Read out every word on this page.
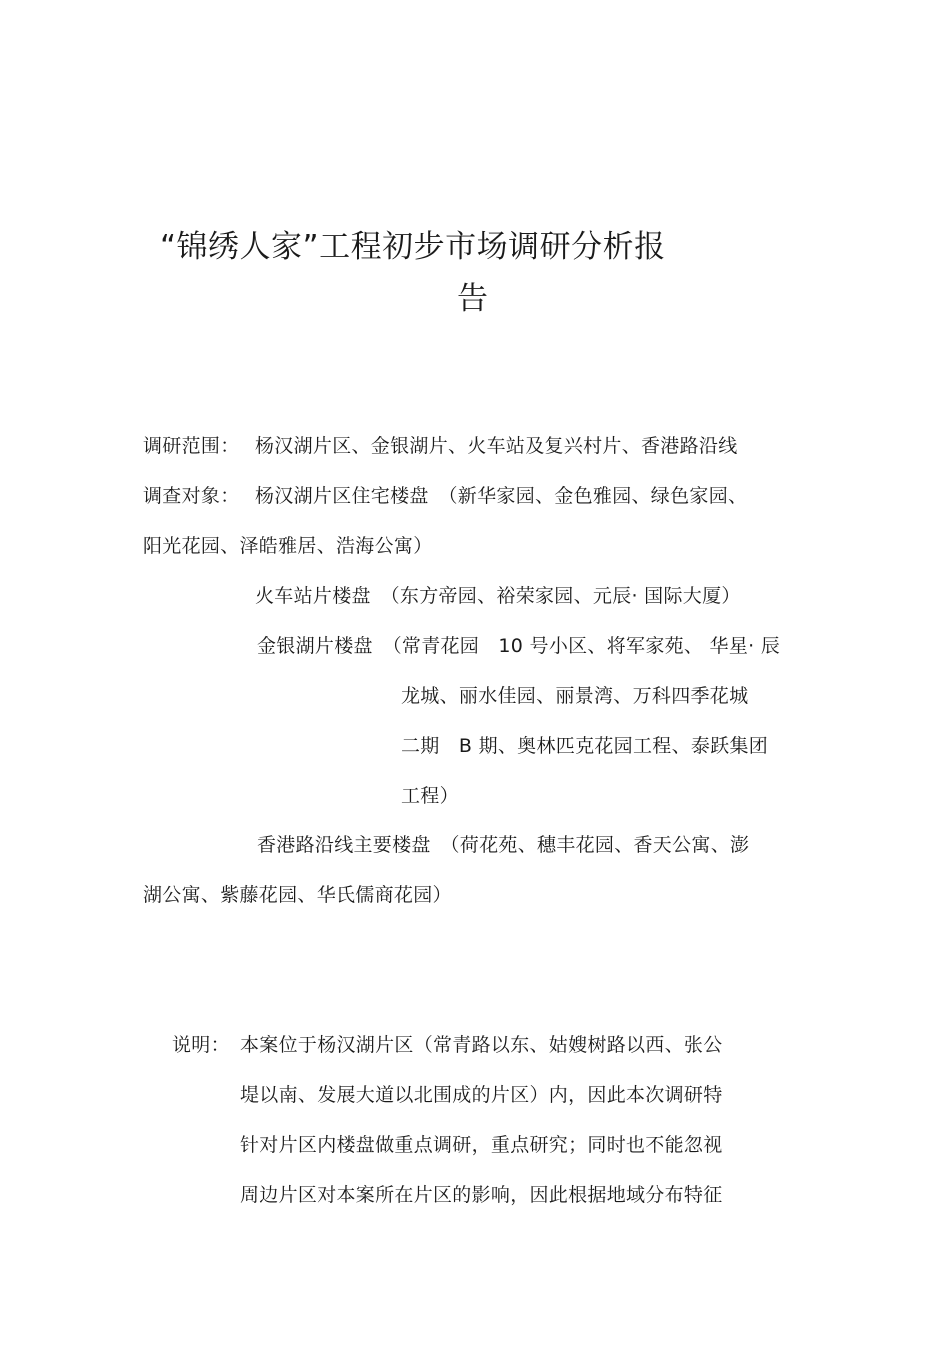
“锦绣人家”工程初步市场调研分析报
告
调研范围： 杨汉湖片区、金银湖片、火车站及复兴村片、香港路沿线
调查对象： 杨汉湖片区住宅楼盘　（新华家园、金色雅园、绿色家园、
阳光花园、泽皓雅居、浩海公寓）
火车站片楼盘　（东方帝园、裕荣家园、元辰· 国际大厦）
金银湖片楼盘　（常青花园　10 号小区、将军家苑、 华星· 辰
龙城、丽水佳园、丽景湾、万科四季花城
二期　B 期、奥林匹克花园工程、泰跃集团
工程）
香港路沿线主要楼盘　（荷花苑、穗丰花园、香天公寓、澎
湖公寓、紫藤花园、华氏儒商花园）
说明： 本案位于杨汉湖片区（常青路以东、姑嫂树路以西、张公
堤以南、发展大道以北围成的片区）内，因此本次调研特
针对片区内楼盘做重点调研，重点研究；同时也不能忽视
周边片区对本案所在片区的影响，因此根据地域分布特征
